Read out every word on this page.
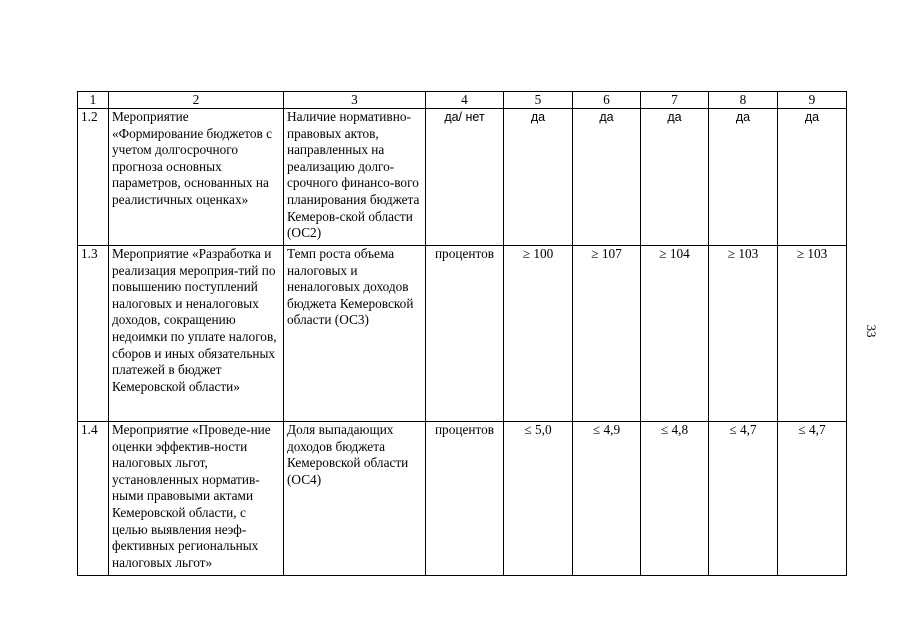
1	2	3	4	5	6	7	8	9
1.2	Мероприятие «Формирование бюджетов с учетом долгосрочного прогноза основных параметров, основанных на реалистичных оценках»	Наличие нормативно-правовых актов, направленных на реализацию долго-срочного финансо-вого планирования бюджета Кемеров-ской области (ОС2)	да/ нет	да	да	да	да	да
1.3	Мероприятие «Разработка и реализация мероприя-тий по повышению поступлений налоговых и неналоговых доходов, сокращению недоимки по уплате налогов, сборов и иных обязательных платежей в бюджет Кемеровской области»	Темп роста объема налоговых и неналоговых доходов бюджета Кемеровской области (ОС3)	процентов	≥ 100	≥ 107	≥ 104	≥ 103	≥ 103
1.4	Мероприятие «Проведе-ние оценки эффектив-ности налоговых льгот, установленных норматив-ными правовыми актами Кемеровской области, с целью выявления неэф-фективных региональных налоговых льгот»	Доля выпадающих доходов бюджета Кемеровской области (ОС4)	процентов	≤ 5,0	≤ 4,9	≤ 4,8	≤ 4,7	≤ 4,7
33
